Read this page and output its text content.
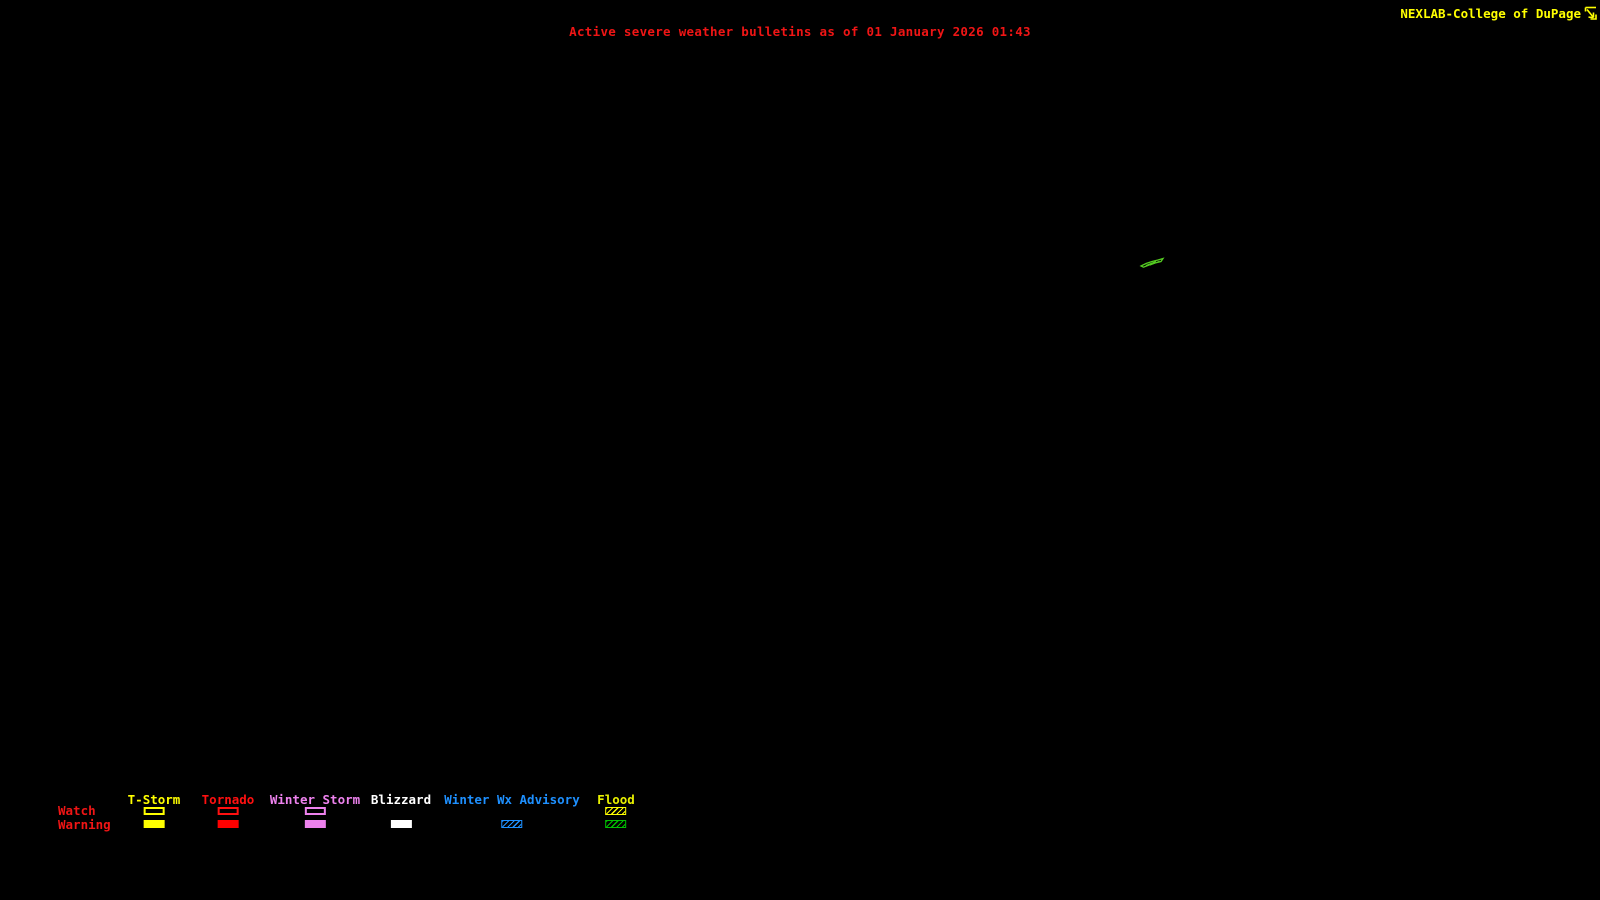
Active severe weather bulletins as of 01 January 2026 01:43
NEXLAB-College of DuPage
Watch
Warning
T-Storm Tornado Winter Storm Blizzard Winter Wx Advisory Flood
